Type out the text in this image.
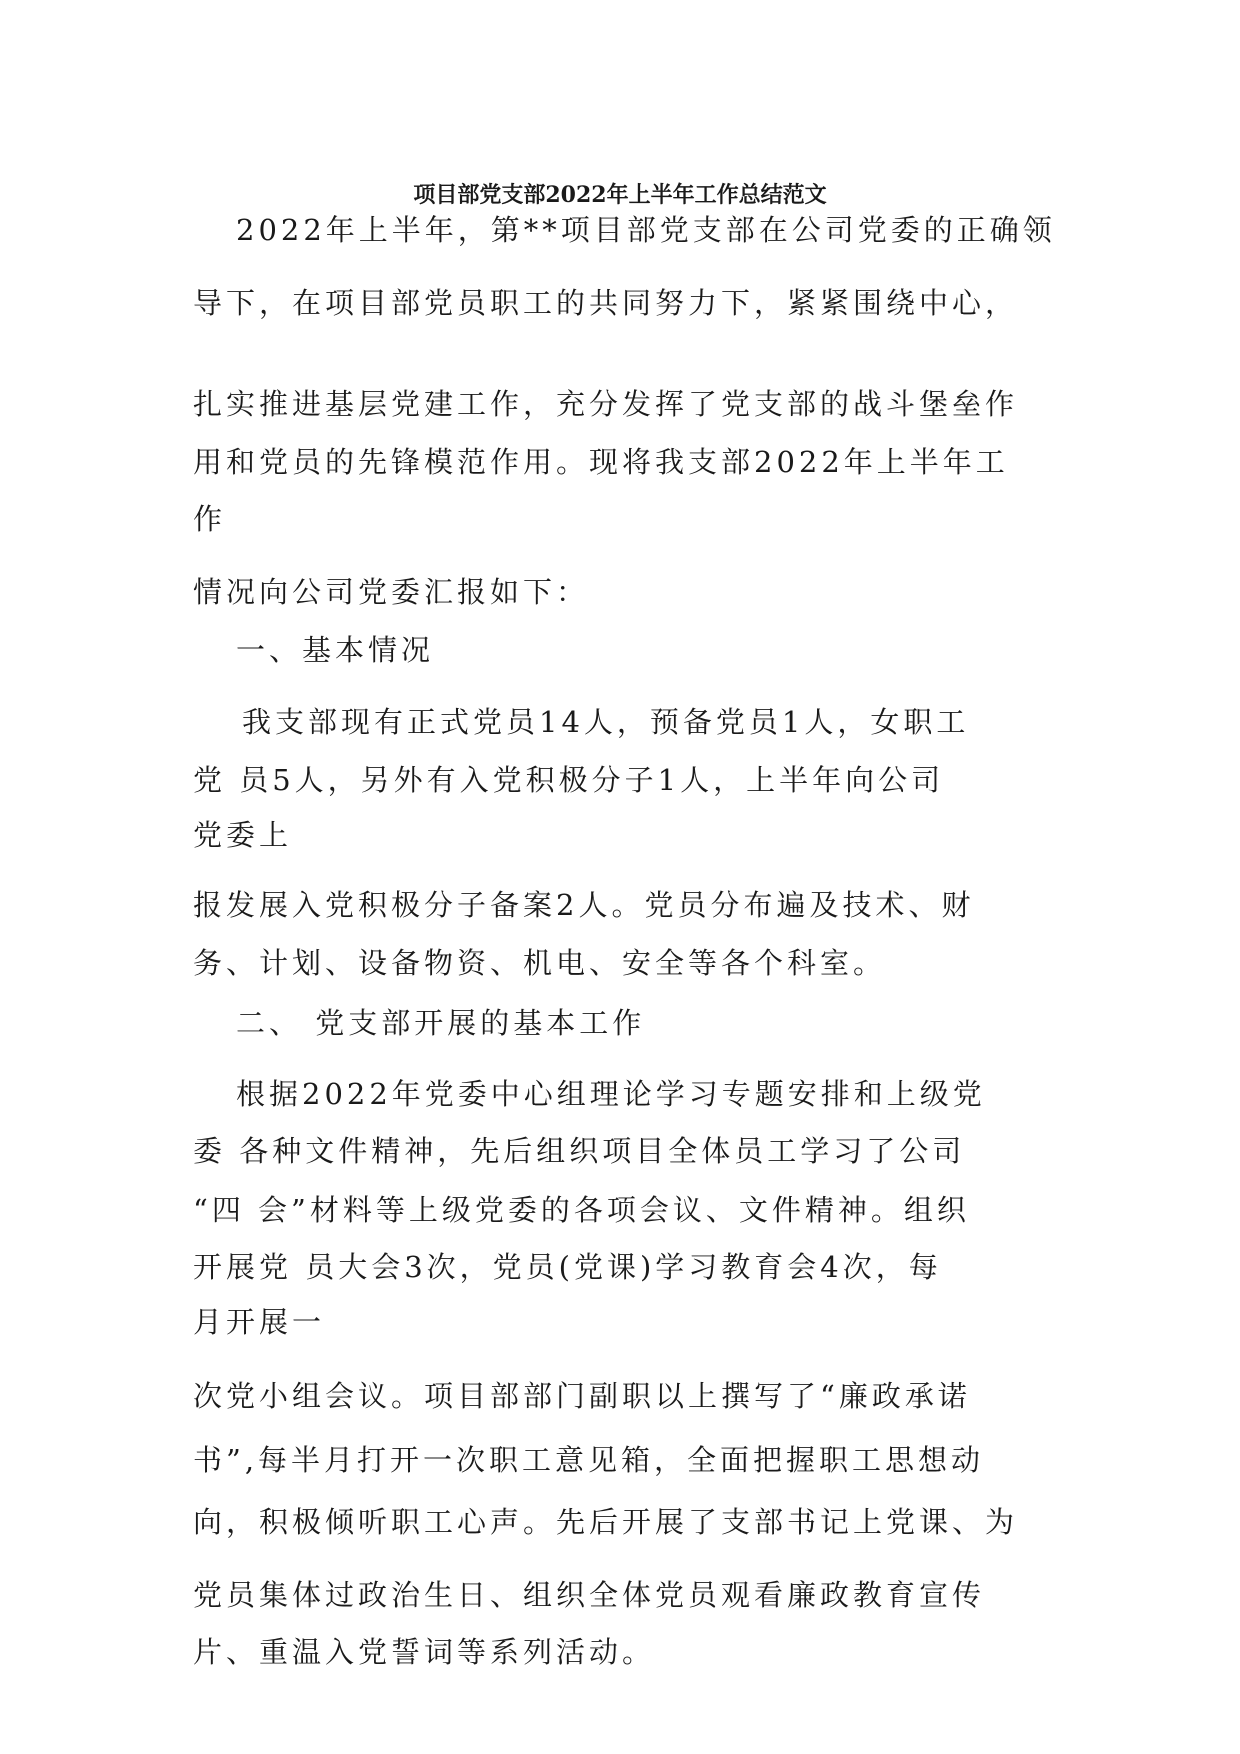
项目部党支部2022年上半年工作总结范文
2022年上半年，第**项目部党支部在公司党委的正确领
导下，在项目部党员职工的共同努力下，紧紧围绕中心，
扎实推进基层党建工作，充分发挥了党支部的战斗堡垒作
用和党员的先锋模范作用。现将我支部2022年上半年工
作
情况向公司党委汇报如下：
一、基本情况
我支部现有正式党员14人，预备党员1人，女职工
党 员5人，另外有入党积极分子1人，上半年向公司
党委上
报发展入党积极分子备案2人。党员分布遍及技术、财
务、计划、设备物资、机电、安全等各个科室。
二、 党支部开展的基本工作
根据2022年党委中心组理论学习专题安排和上级党
委 各种文件精神，先后组织项目全体员工学习了公司
“四 会”材料等上级党委的各项会议、文件精神。组织
开展党 员大会3次，党员(党课)学习教育会4次，每
月开展一
次党小组会议。项目部部门副职以上撰写了“廉政承诺
书”,每半月打开一次职工意见箱，全面把握职工思想动
向，积极倾听职工心声。先后开展了支部书记上党课、为
党员集体过政治生日、组织全体党员观看廉政教育宣传
片、重温入党誓词等系列活动。
